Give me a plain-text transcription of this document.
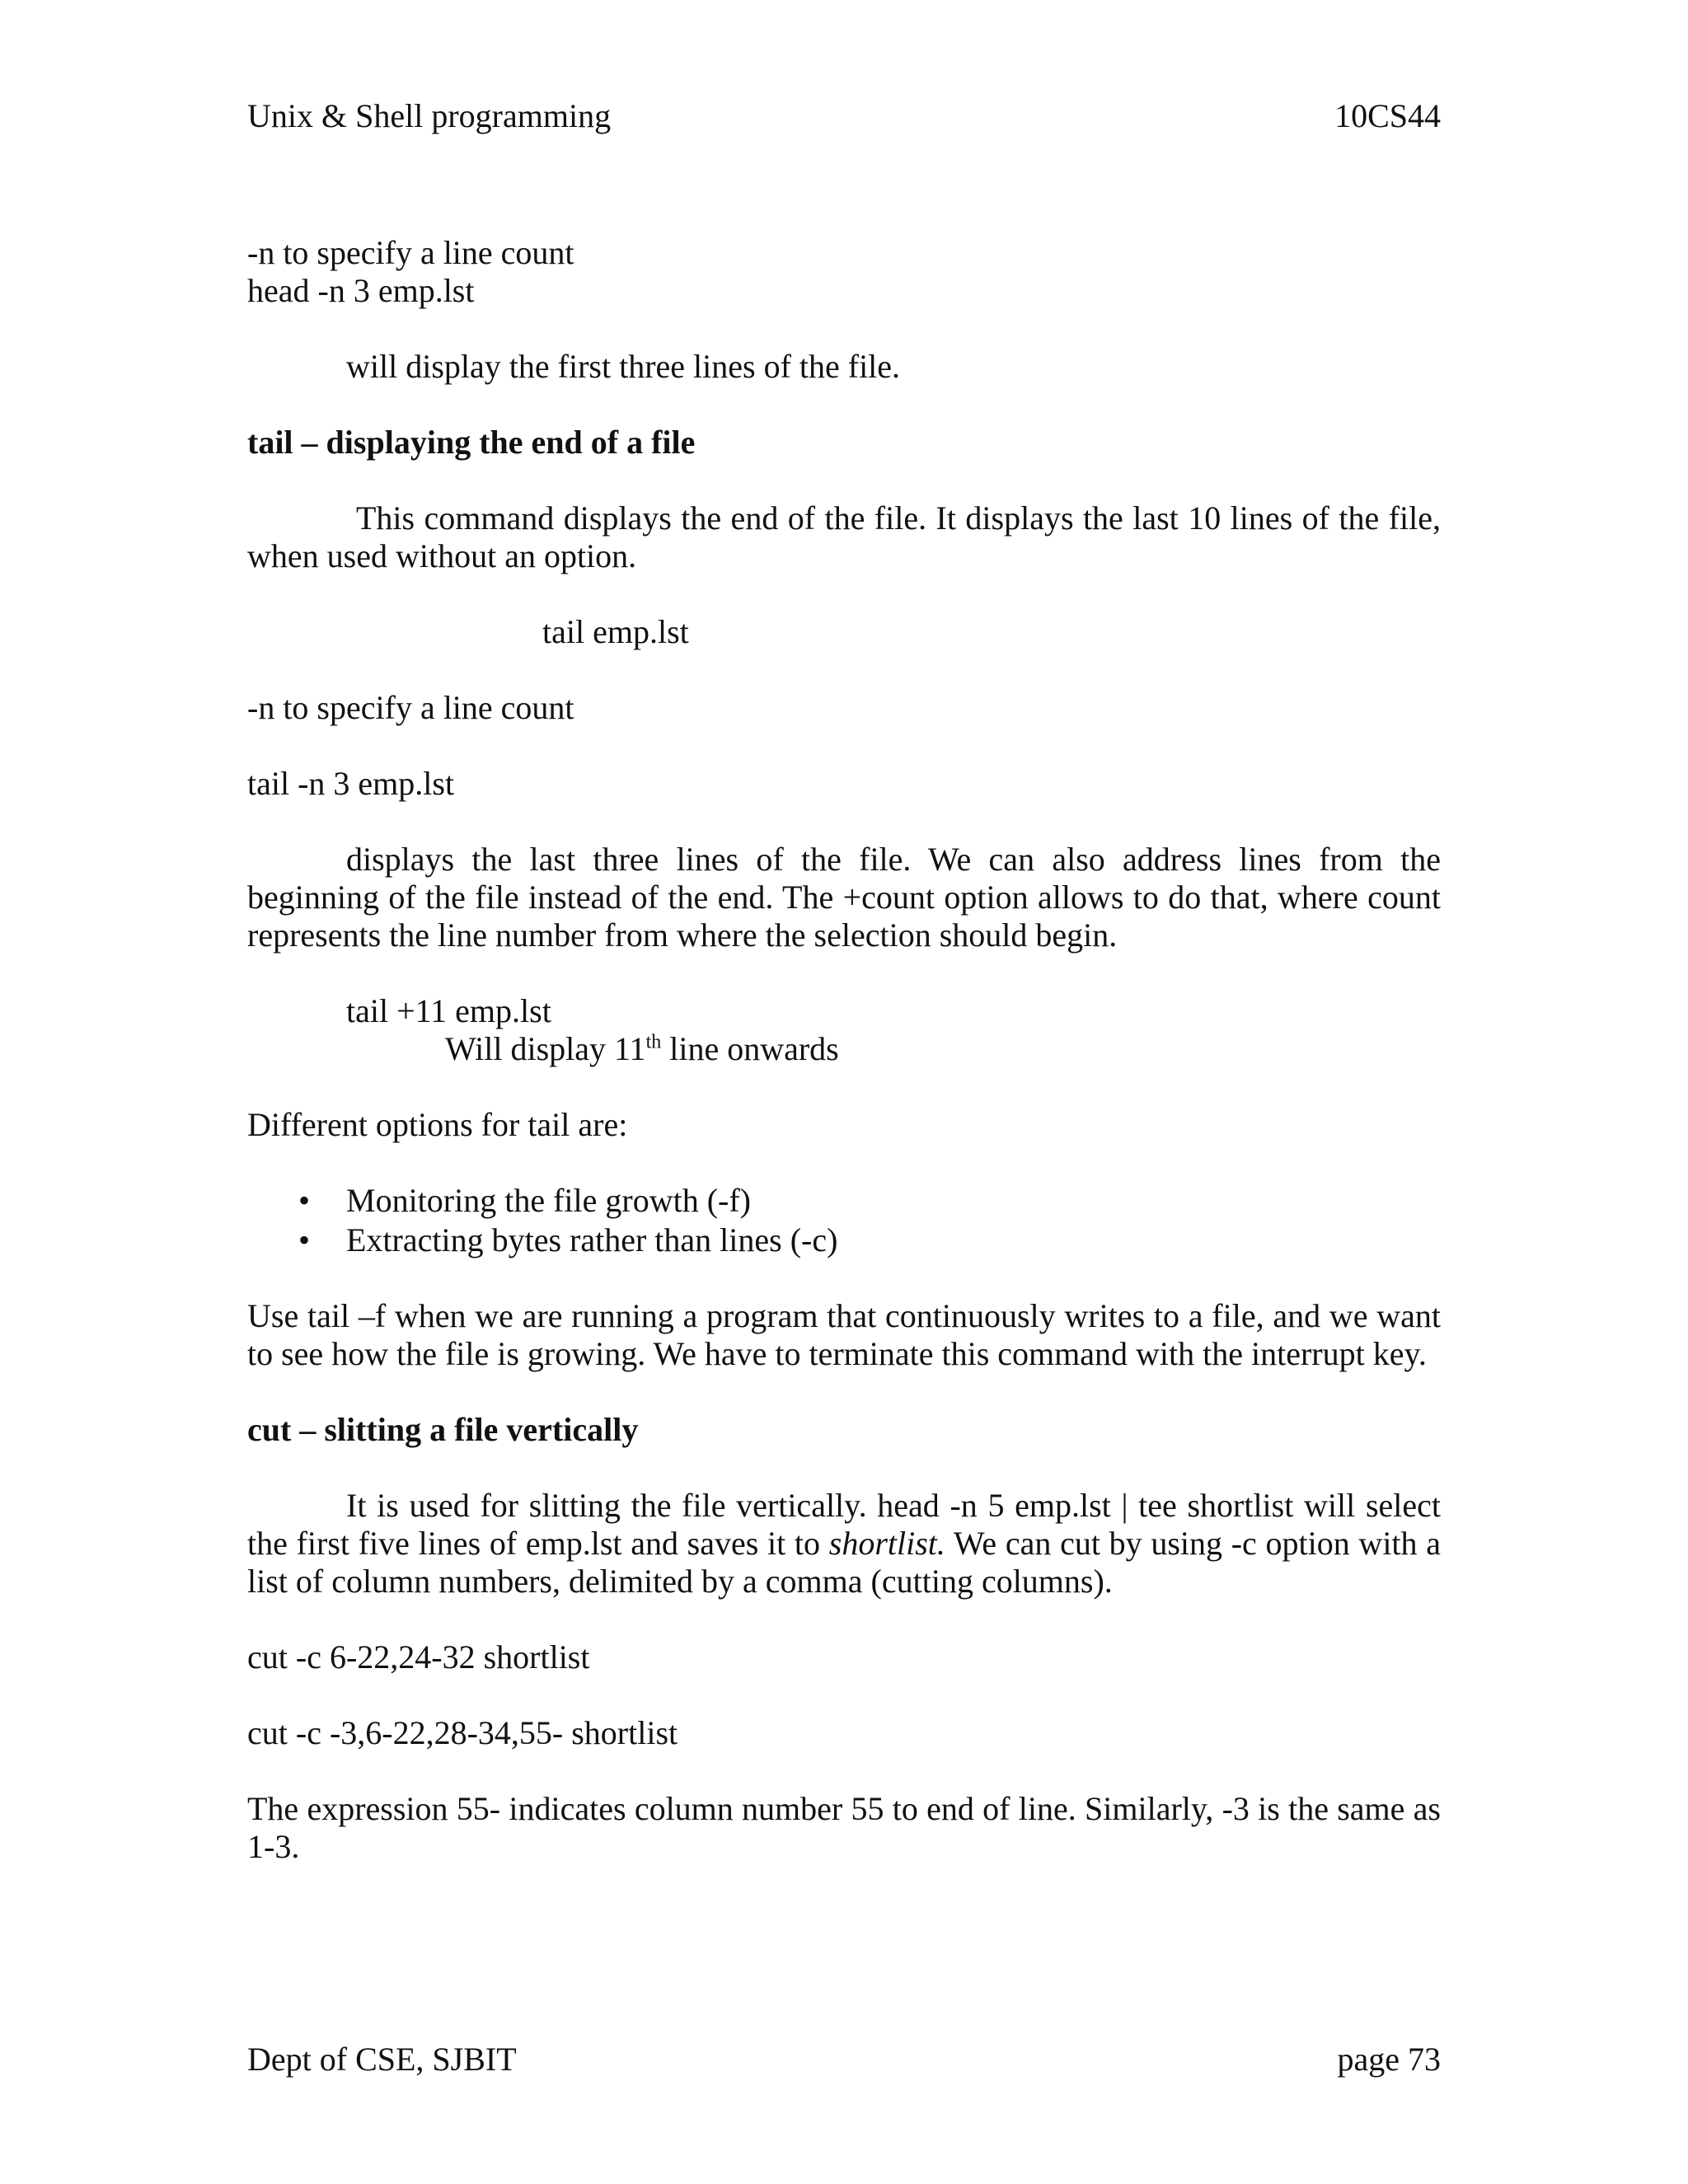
Unix & Shell programming	10CS44
-n to specify a line count
head -n 3 emp.lst
will display the first three lines of the file.
tail – displaying the end of a file
This command displays the end of the file. It displays the last 10 lines of the file, when used without an option.
tail emp.lst
-n to specify a line count
tail -n 3 emp.lst
displays the last three lines of the file. We can also address lines from the beginning of the file instead of the end. The +count option allows to do that, where count represents the line number from where the selection should begin.
tail +11 emp.lst
Will display 11th line onwards
Different options for tail are:
• Monitoring the file growth (-f)
• Extracting bytes rather than lines (-c)
Use tail –f when we are running a program that continuously writes to a file, and we want to see how the file is growing. We have to terminate this command with the interrupt key.
cut – slitting a file vertically
It is used for slitting the file vertically. head -n 5 emp.lst | tee shortlist will select the first five lines of emp.lst and saves it to shortlist. We can cut by using -c option with a list of column numbers, delimited by a comma (cutting columns).
cut -c 6-22,24-32 shortlist
cut -c -3,6-22,28-34,55- shortlist
The expression 55- indicates column number 55 to end of line. Similarly, -3 is the same as 1-3.
Dept of CSE, SJBIT	page 73
